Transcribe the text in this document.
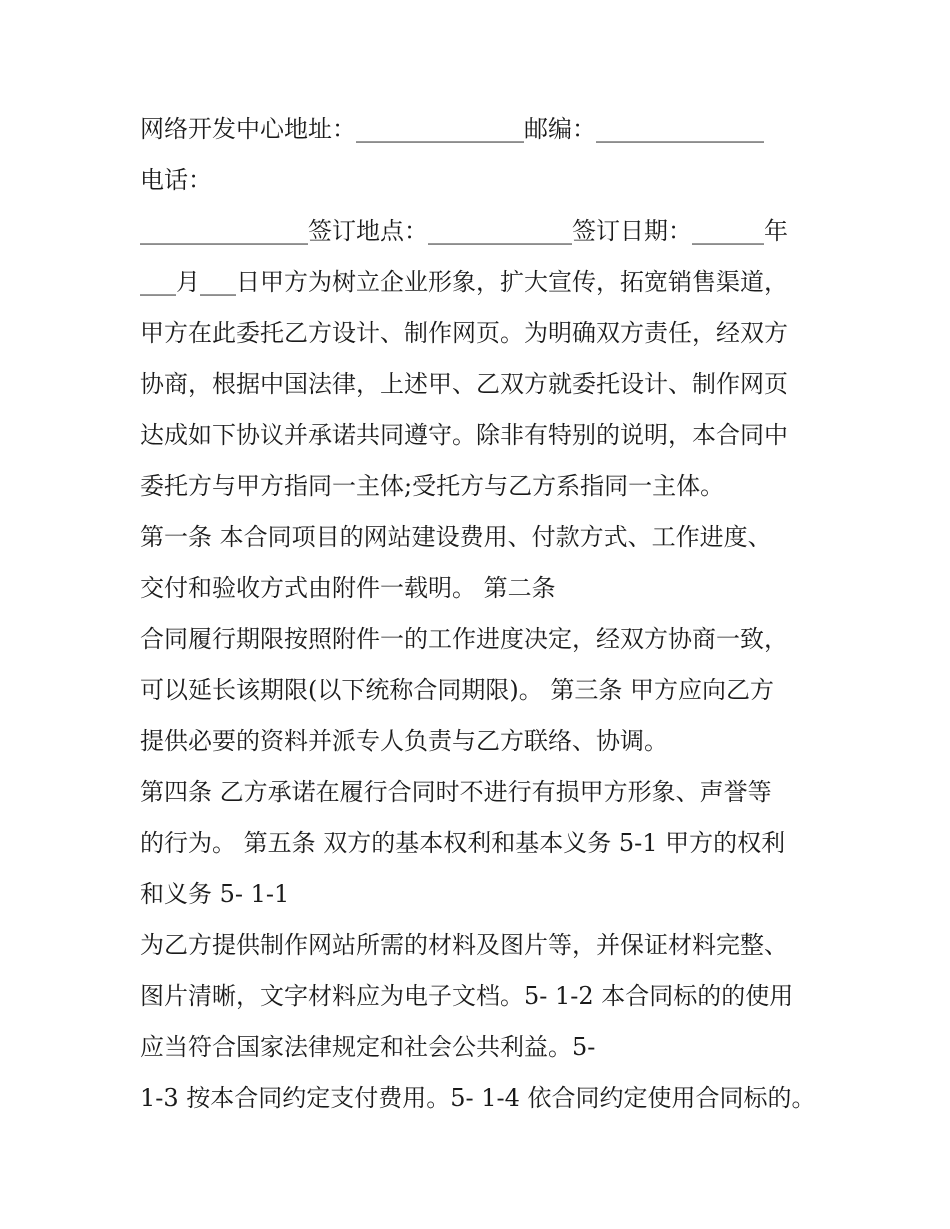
网络开发中心地址：______________邮编：______________
电话：
______________签订地点：____________签订日期：______年
___月___日甲方为树立企业形象，扩大宣传，拓宽销售渠道，
甲方在此委托乙方设计、制作网页。为明确双方责任，经双方
协商，根据中国法律，上述甲、乙双方就委托设计、制作网页
达成如下协议并承诺共同遵守。除非有特别的说明，本合同中
委托方与甲方指同一主体;受托方与乙方系指同一主体。
第一条 本合同项目的网站建设费用、付款方式、工作进度、
交付和验收方式由附件一载明。 第二条
合同履行期限按照附件一的工作进度决定，经双方协商一致，
可以延长该期限(以下统称合同期限)。 第三条 甲方应向乙方
提供必要的资料并派专人负责与乙方联络、协调。
第四条 乙方承诺在履行合同时不进行有损甲方形象、声誉等
的行为。 第五条 双方的基本权利和基本义务 5-1 甲方的权利
和义务 5- 1-1
为乙方提供制作网站所需的材料及图片等，并保证材料完整、
图片清晰，文字材料应为电子文档。5- 1-2 本合同标的的使用
应当符合国家法律规定和社会公共利益。5-
1-3 按本合同约定支付费用。5- 1-4 依合同约定使用合同标的。
